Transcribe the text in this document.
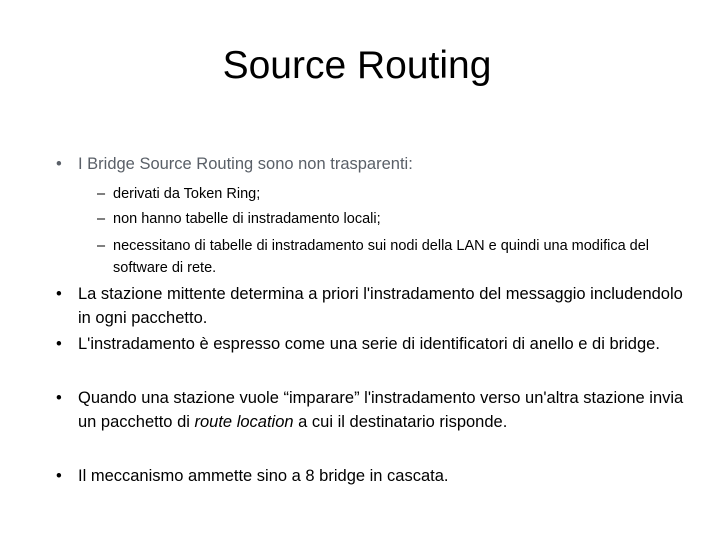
Source Routing
• I Bridge Source Routing sono non trasparenti:
– derivati da Token Ring;
– non hanno tabelle di instradamento locali;
– necessitano di tabelle di instradamento sui nodi della LAN e quindi una modifica del software di rete.
• La stazione mittente determina a priori l'instradamento del messaggio includendolo in ogni pacchetto.
• L'instradamento è espresso come una serie di identificatori di anello e di bridge.
• Quando una stazione vuole “imparare” l'instradamento verso un'altra stazione invia un pacchetto di route location a cui il destinatario risponde.
• Il meccanismo ammette sino a 8 bridge in cascata.
